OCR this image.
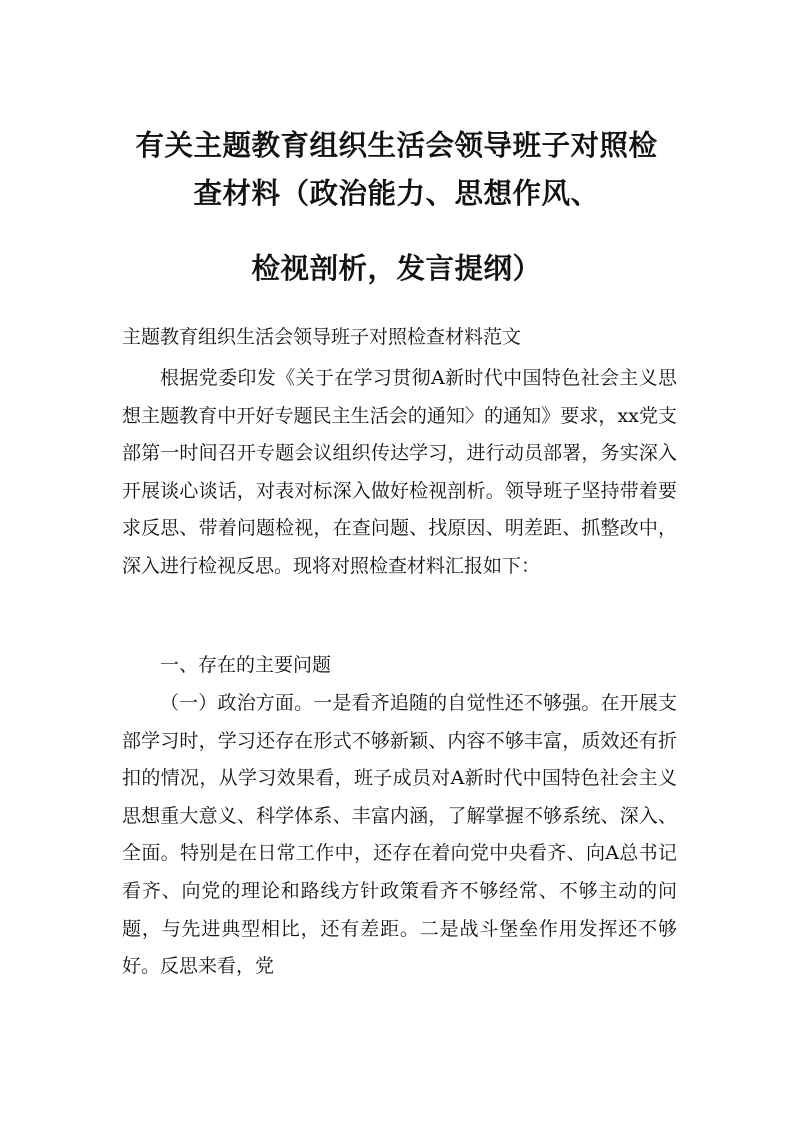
有关主题教育组织生活会领导班子对照检
查材料（政治能力、思想作风、
检视剖析，发言提纲）
主题教育组织生活会领导班子对照检查材料范文
根据党委印发《关于在学习贯彻A新时代中国特色社会主义思想主题教育中开好专题民主生活会的通知〉的通知》要求，xx党支部第一时间召开专题会议组织传达学习，进行动员部署，务实深入开展谈心谈话，对表对标深入做好检视剖析。领导班子坚持带着要求反思、带着问题检视，在查问题、找原因、明差距、抓整改中，深入进行检视反思。现将对照检查材料汇报如下：
一、存在的主要问题
（一）政治方面。一是看齐追随的自觉性还不够强。在开展支部学习时，学习还存在形式不够新颖、内容不够丰富，质效还有折扣的情况，从学习效果看，班子成员对A新时代中国特色社会主义思想重大意义、科学体系、丰富内涵，了解掌握不够系统、深入、全面。特别是在日常工作中，还存在着向党中央看齐、向A总书记看齐、向党的理论和路线方针政策看齐不够经常、不够主动的问题，与先进典型相比，还有差距。二是战斗堡垒作用发挥还不够好。反思来看，党
